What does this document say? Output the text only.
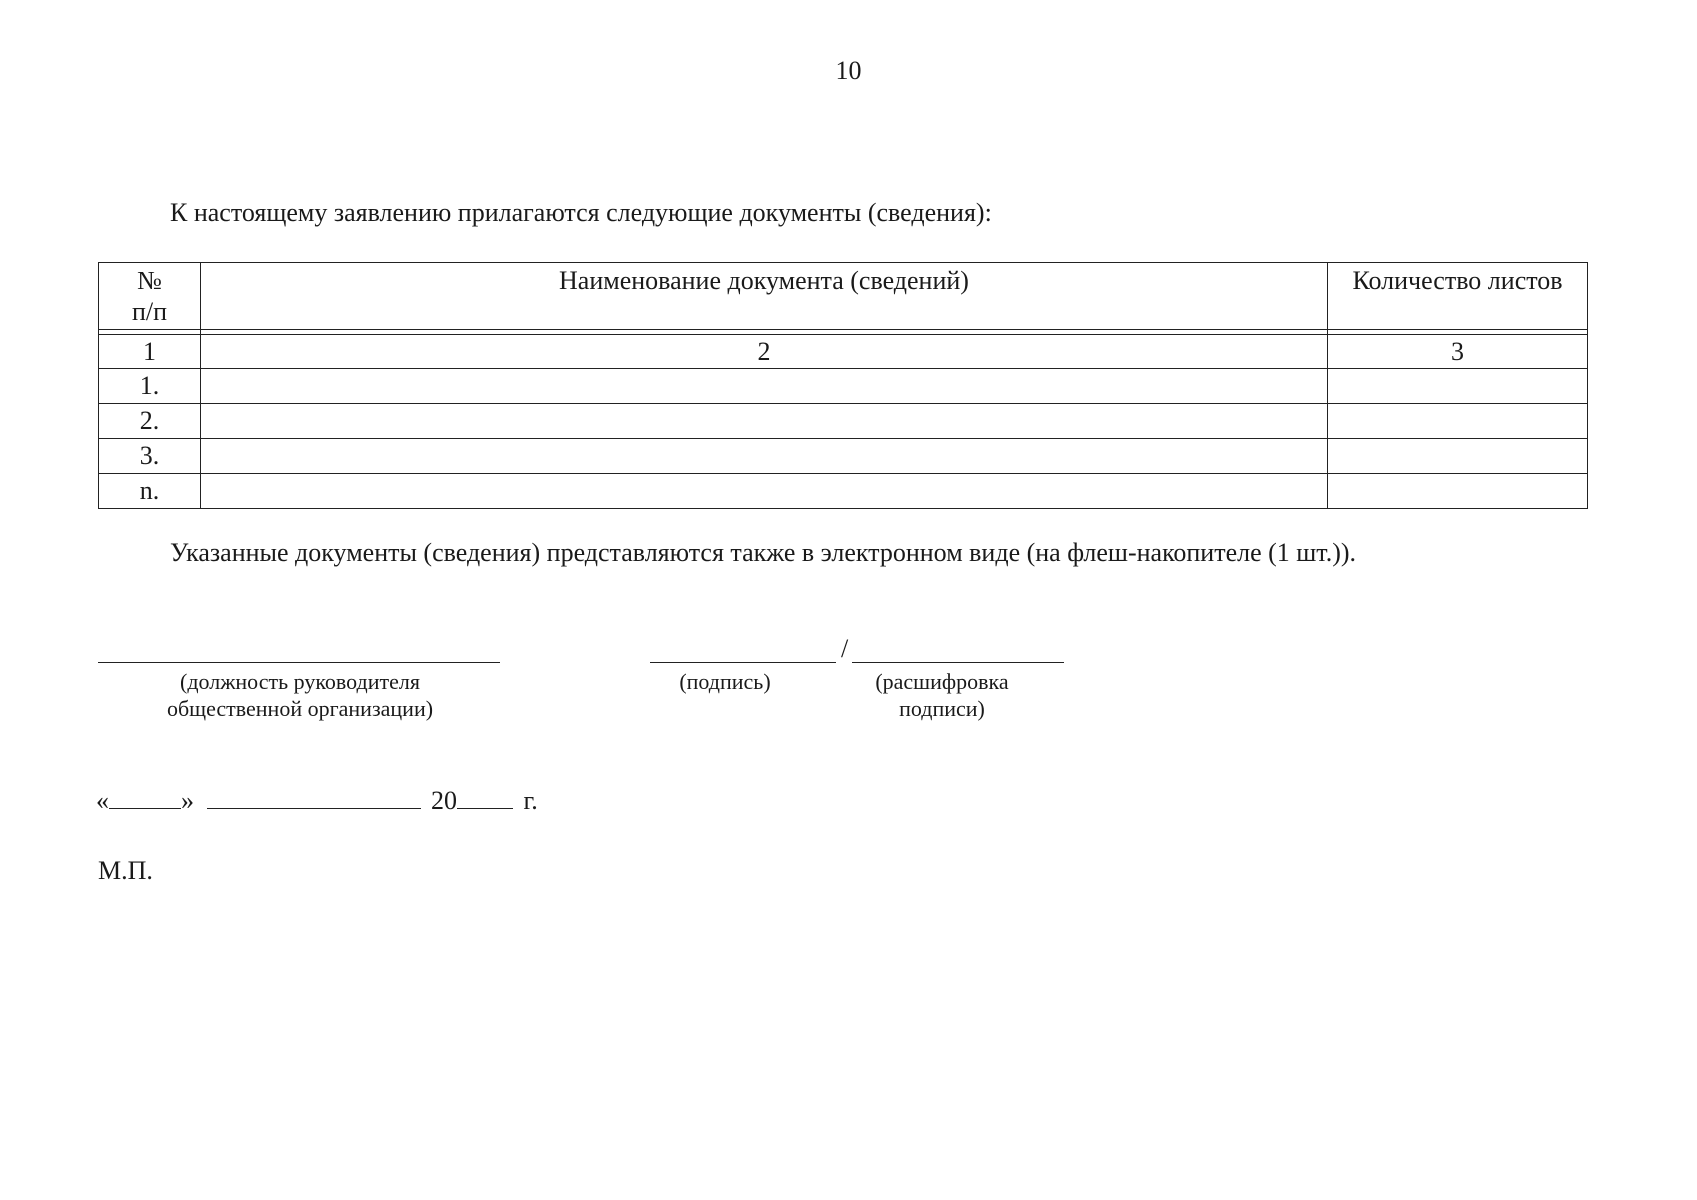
10
К настоящему заявлению прилагаются следующие документы (сведения):
№
п/п	Наименование документа (сведений)	Количество листов

1	2	3
1.		
2.		
3.		
n.		
Указанные документы (сведения) представляются также в электронном виде (на флеш-накопителе (1 шт.)).
(должность руководителя
общественной организации)
/
(подпись)	(расшифровка
подписи)
«	»	20	г.
М.П.
